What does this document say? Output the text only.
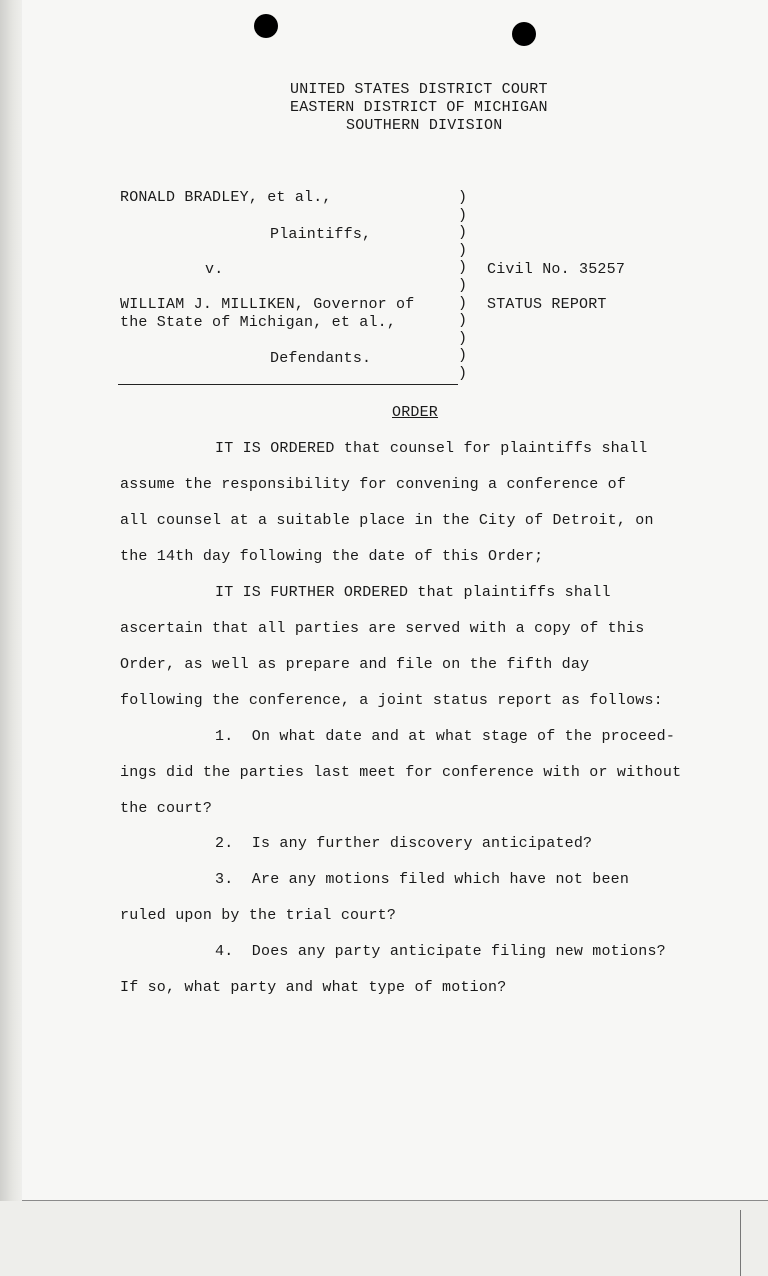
UNITED STATES DISTRICT COURT
EASTERN DISTRICT OF MICHIGAN
SOUTHERN DIVISION
RONALD BRADLEY, et al.,
Plaintiffs,
v.
WILLIAM J. MILLIKEN, Governor of
the State of Michigan, et al.,
Defendants.
)
)
)
)
)
)
)
)
)
)
)
Civil No. 35257
STATUS REPORT
ORDER
IT IS ORDERED that counsel for plaintiffs shall
assume the responsibility for convening a conference of
all counsel at a suitable place in the City of Detroit, on
the 14th day following the date of this Order;
IT IS FURTHER ORDERED that plaintiffs shall
ascertain that all parties are served with a copy of this
Order, as well as prepare and file on the fifth day
following the conference, a joint status report as follows:
1.  On what date and at what stage of the proceed-
ings did the parties last meet for conference with or without
the court?
2.  Is any further discovery anticipated?
3.  Are any motions filed which have not been
ruled upon by the trial court?
4.  Does any party anticipate filing new motions?
If so, what party and what type of motion?
